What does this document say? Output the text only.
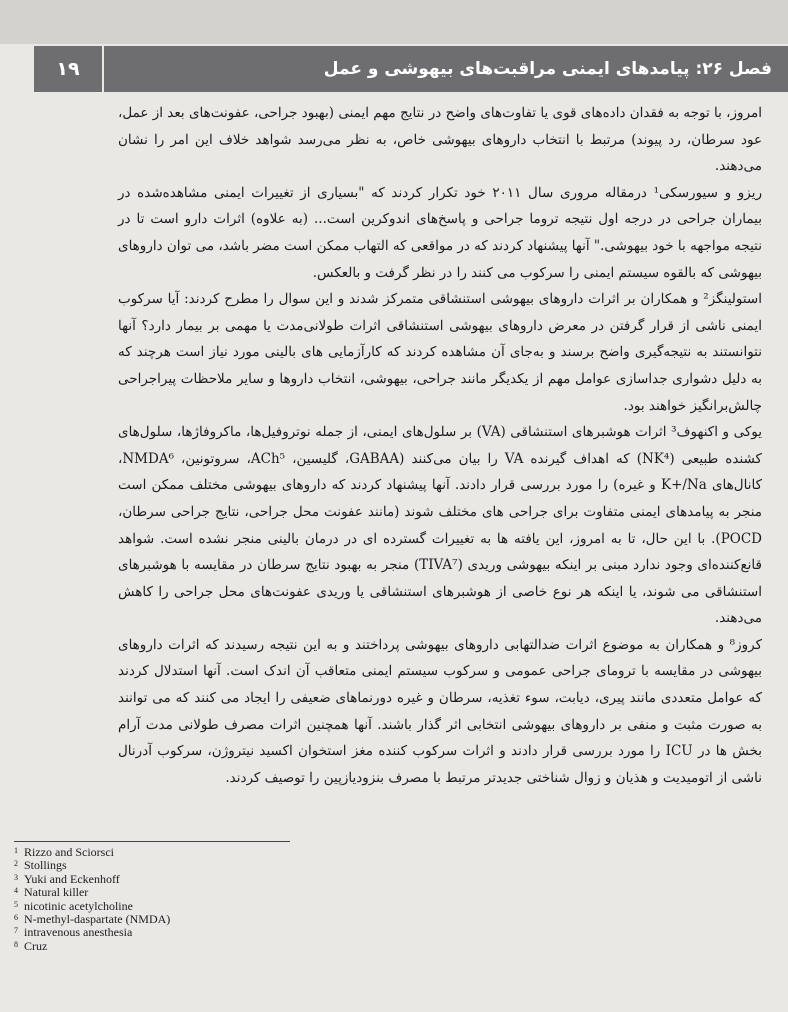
۱۹	فصل ۲۶: پیامدهای ایمنی مراقبت‌های بیهوشی و عمل

امروز، با توجه به فقدان داده‌های قوی یا تفاوت‌های واضح در نتایج مهم ایمنی (بهبود جراحی، عفونت‌های بعد از عمل، عود سرطان، رد پیوند) مرتبط با انتخاب داروهای بیهوشی خاص، به نظر می‌رسد شواهد خلاف این امر را نشان می‌دهند.

ریزو و سیورسکی¹ درمقاله مروری سال ۲۰۱۱ خود تکرار کردند که "بسیاری از تغییرات ایمنی مشاهده‌شده در بیماران جراحی در درجه اول نتیجه تروما جراحی و پاسخ‌های اندوکرین است... (به علاوه) اثرات دارو است تا در نتیجه مواجهه با خود بیهوشی." آنها پیشنهاد کردند که در مواقعی که التهاب ممکن است مضر باشد، می توان داروهای بیهوشی که بالقوه سیستم ایمنی را سرکوب می کنند را در نظر گرفت و بالعکس.

استولینگز² و همکاران بر اثرات داروهای بیهوشی استنشاقی متمرکز شدند و این سوال را مطرح کردند: آیا سرکوب ایمنی ناشی از قرار گرفتن در معرض داروهای بیهوشی استنشاقی اثرات طولانی‌مدت یا مهمی بر بیمار دارد؟ آنها نتوانستند به نتیجه‌گیری واضح برسند و به‌جای آن مشاهده کردند که کارآزمایی های بالینی مورد نیاز است هرچند که به دلیل دشواری جداسازی عوامل مهم از یکدیگر مانند جراحی، بیهوشی، انتخاب داروها و سایر ملاحظات پیراجراحی چالش‌برانگیز خواهند بود.

یوکی و اکنهوف³ اثرات هوشبرهای استنشاقی (VA) بر سلول‌های ایمنی، از جمله نوتروفیل‌ها، ماکروفاژها، سلول‌های کشنده طبیعی (NK⁴) که اهداف گیرنده VA را بیان می‌کنند (GABAA، گلیسین، ACh⁵، سروتونین، NMDA⁶، کانال‌های K+/Na و غیره) را مورد بررسی قرار دادند. آنها پیشنهاد کردند که داروهای بیهوشی مختلف ممکن است منجر به پیامدهای ایمنی متفاوت برای جراحی های مختلف شوند (مانند عفونت محل جراحی، نتایج جراحی سرطان، POCD). با این حال، تا به امروز، این یافته ها به تغییرات گسترده ای در درمان بالینی منجر نشده است. شواهد قانع‌کننده‌ای وجود ندارد مبنی بر اینکه بیهوشی وریدی (TIVA⁷) منجر به بهبود نتایج سرطان در مقایسه با هوشبرهای استنشاقی می شوند، یا اینکه هر نوع خاصی از هوشبرهای استنشاقی یا وریدی عفونت‌های محل جراحی را کاهش می‌دهند.

کروز⁸ و همکاران به موضوع اثرات ضدالتهابی داروهای بیهوشی پرداختند و به این نتیجه رسیدند که اثرات داروهای بیهوشی در مقایسه با ترومای جراحی عمومی و سرکوب سیستم ایمنی متعاقب آن اندک است. آنها استدلال کردند که عوامل متعددی مانند پیری، دیابت، سوء تغذیه، سرطان و غیره دورنماهای ضعیفی را ایجاد می کنند که می توانند به صورت مثبت و منفی بر داروهای بیهوشی انتخابی اثر گذار باشند. آنها همچنین اثرات مصرف طولانی مدت آرام بخش ها در ICU را مورد بررسی قرار دادند و اثرات سرکوب کننده مغز استخوان اکسید نیتروژن، سرکوب آدرنال ناشی از اتومیدیت و هذیان و زوال شناختی جدیدتر مرتبط با مصرف بنزودیازپین را توصیف کردند.

1 Rizzo and Sciorsci
2 Stollings
3 Yuki and Eckenhoff
4 Natural killer
5 nicotinic acetylcholine
6 N-methyl-daspartate (NMDA)
7 intravenous anesthesia
8 Cruz
